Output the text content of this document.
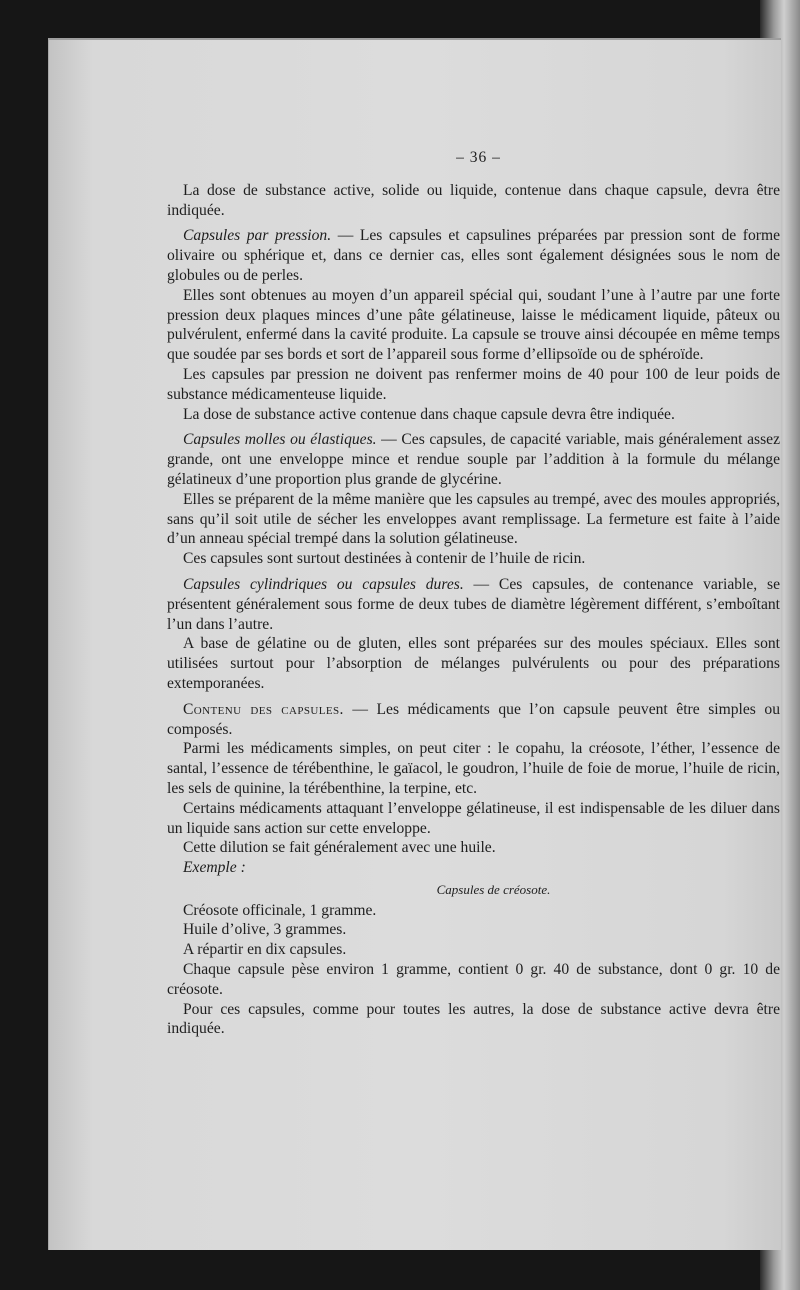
– 36 –

La dose de substance active, solide ou liquide, contenue dans chaque capsule, devra être indiquée.

Capsules par pression. — Les capsules et capsulines préparées par pression sont de forme olivaire ou sphérique et, dans ce dernier cas, elles sont également désignées sous le nom de globules ou de perles.

Elles sont obtenues au moyen d’un appareil spécial qui, soudant l’une à l’autre par une forte pression deux plaques minces d’une pâte gélatineuse, laisse le médicament liquide, pâteux ou pulvérulent, enfermé dans la cavité produite. La capsule se trouve ainsi découpée en même temps que soudée par ses bords et sort de l’appareil sous forme d’ellipsoïde ou de sphéroïde.

Les capsules par pression ne doivent pas renfermer moins de 40 pour 100 de leur poids de substance médicamenteuse liquide.

La dose de substance active contenue dans chaque capsule devra être indiquée.

Capsules molles ou élastiques. — Ces capsules, de capacité variable, mais généralement assez grande, ont une enveloppe mince et rendue souple par l’addition à la formule du mélange gélatineux d’une proportion plus grande de glycérine.

Elles se préparent de la même manière que les capsules au trempé, avec des moules appropriés, sans qu’il soit utile de sécher les enveloppes avant remplissage. La fermeture est faite à l’aide d’un anneau spécial trempé dans la solution gélatineuse.

Ces capsules sont surtout destinées à contenir de l’huile de ricin.

Capsules cylindriques ou capsules dures. — Ces capsules, de contenance variable, se présentent généralement sous forme de deux tubes de diamètre légèrement différent, s’emboîtant l’un dans l’autre.

A base de gélatine ou de gluten, elles sont préparées sur des moules spéciaux. Elles sont utilisées surtout pour l’absorption de mélanges pulvérulents ou pour des préparations extemporanées.

Contenu des capsules. — Les médicaments que l’on capsule peuvent être simples ou composés.

Parmi les médicaments simples, on peut citer : le copahu, la créosote, l’éther, l’essence de santal, l’essence de térébenthine, le gaïacol, le goudron, l’huile de foie de morue, l’huile de ricin, les sels de quinine, la térébenthine, la terpine, etc.

Certains médicaments attaquant l’enveloppe gélatineuse, il est indispensable de les diluer dans un liquide sans action sur cette enveloppe.

Cette dilution se fait généralement avec une huile.

Exemple :

Capsules de créosote.

Créosote officinale, 1 gramme.

Huile d’olive, 3 grammes.

A répartir en dix capsules.

Chaque capsule pèse environ 1 gramme, contient 0 gr. 40 de substance, dont 0 gr. 10 de créosote.

Pour ces capsules, comme pour toutes les autres, la dose de substance active devra être indiquée.
